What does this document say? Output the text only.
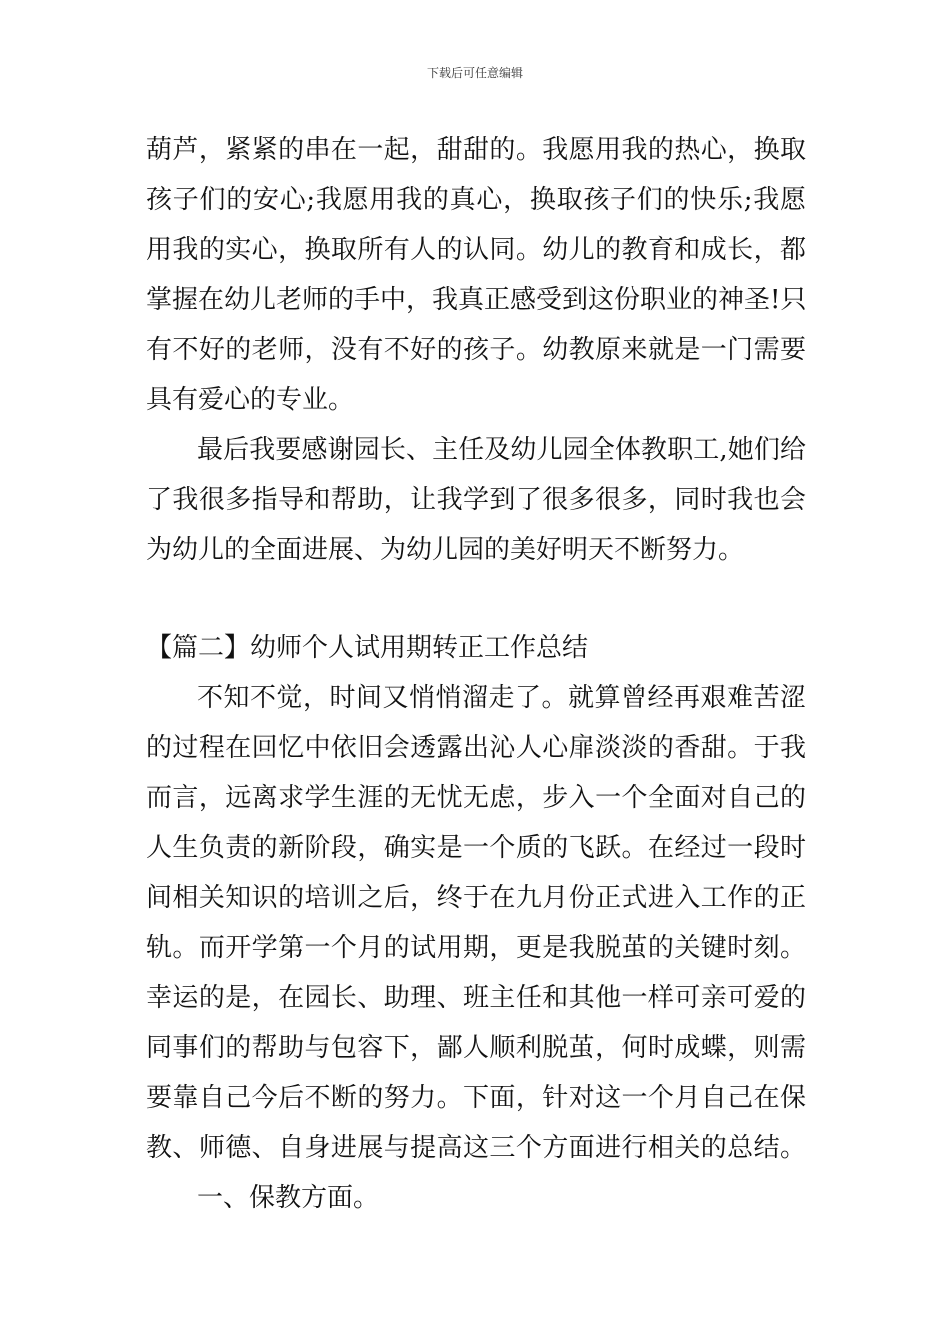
下载后可任意编辑
葫芦，紧紧的串在一起，甜甜的。我愿用我的热心，换取
孩子们的安心;我愿用我的真心，换取孩子们的快乐;我愿
用我的实心，换取所有人的认同。幼儿的教育和成长，都
掌握在幼儿老师的手中，我真正感受到这份职业的神圣!只
有不好的老师，没有不好的孩子。幼教原来就是一门需要
具有爱心的专业。
最后我要感谢园长、主任及幼儿园全体教职工,她们给
了我很多指导和帮助，让我学到了很多很多，同时我也会
为幼儿的全面进展、为幼儿园的美好明天不断努力。
【篇二】幼师个人试用期转正工作总结
不知不觉，时间又悄悄溜走了。就算曾经再艰难苦涩
的过程在回忆中依旧会透露出沁人心扉淡淡的香甜。于我
而言，远离求学生涯的无忧无虑，步入一个全面对自己的
人生负责的新阶段，确实是一个质的飞跃。在经过一段时
间相关知识的培训之后，终于在九月份正式进入工作的正
轨。而开学第一个月的试用期，更是我脱茧的关键时刻。
幸运的是，在园长、助理、班主任和其他一样可亲可爱的
同事们的帮助与包容下，鄙人顺利脱茧，何时成蝶，则需
要靠自己今后不断的努力。下面，针对这一个月自己在保
教、师德、自身进展与提高这三个方面进行相关的总结。
一、保教方面。
